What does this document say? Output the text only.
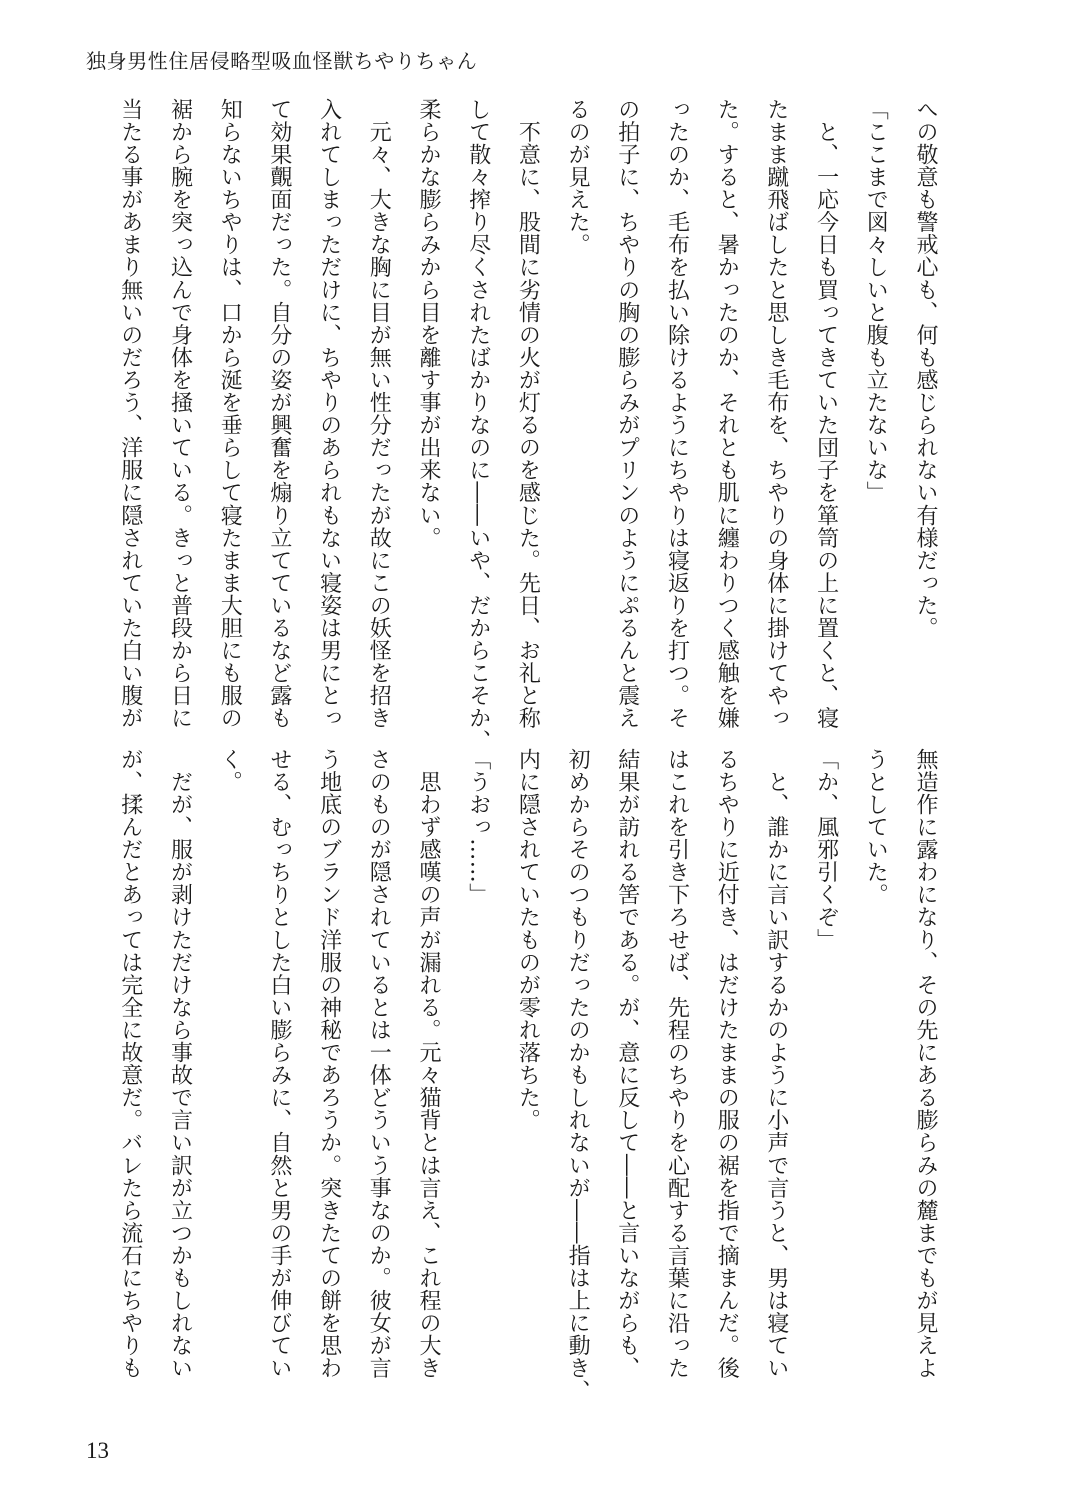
独身男性住居侵略型吸血怪獣ちやりちゃん
への敬意も警戒心も、何も感じられない有様だった。
「ここまで図々しいと腹も立たないな」
　と、一応今日も買ってきていた団子を箪笥の上に置くと、寝
たまま蹴飛ばしたと思しき毛布を、ちやりの身体に掛けてやっ
た。すると、暑かったのか、それとも肌に纏わりつく感触を嫌
ったのか、毛布を払い除けるようにちやりは寝返りを打つ。そ
の拍子に、ちやりの胸の膨らみがプリンのようにぷるんと震え
るのが見えた。
　不意に、股間に劣情の火が灯るのを感じた。先日、お礼と称
して散々搾り尽くされたばかりなのに――いや、だからこそか、
柔らかな膨らみから目を離す事が出来ない。
　元々、大きな胸に目が無い性分だったが故にこの妖怪を招き
入れてしまっただけに、ちやりのあられもない寝姿は男にとっ
て効果覿面だった。自分の姿が興奮を煽り立てているなど露も
知らないちやりは、口から涎を垂らして寝たまま大胆にも服の
裾から腕を突っ込んで身体を掻いている。きっと普段から日に
当たる事があまり無いのだろう、洋服に隠されていた白い腹が
無造作に露わになり、その先にある膨らみの麓までもが見えよ
うとしていた。
「か、風邪引くぞ」
　と、誰かに言い訳するかのように小声で言うと、男は寝てい
るちやりに近付き、はだけたままの服の裾を指で摘まんだ。後
はこれを引き下ろせば、先程のちやりを心配する言葉に沿った
結果が訪れる筈である。が、意に反して――と言いながらも、
初めからそのつもりだったのかもしれないが――指は上に動き、
内に隠されていたものが零れ落ちた。
「うおっ……」
　思わず感嘆の声が漏れる。元々猫背とは言え、これ程の大き
さのものが隠されているとは一体どういう事なのか。彼女が言
う地底のブランド洋服の神秘であろうか。突きたての餅を思わ
せる、むっちりとした白い膨らみに、自然と男の手が伸びてい
く。
　だが、服が剥けただけなら事故で言い訳が立つかもしれない
が、揉んだとあっては完全に故意だ。バレたら流石にちやりも
13
